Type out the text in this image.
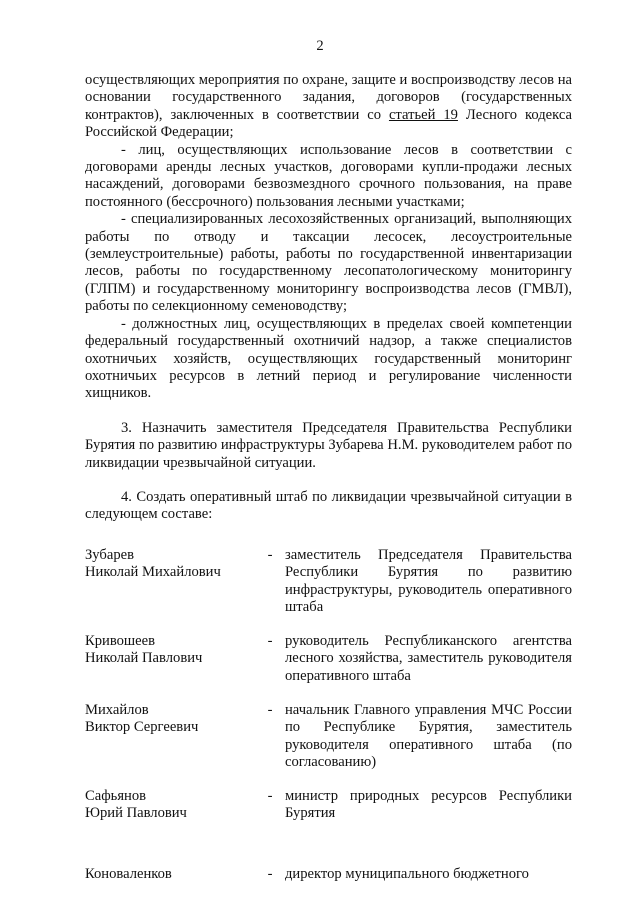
2

осуществляющих мероприятия по охране, защите и воспроизводству лесов на основании государственного задания, договоров (государственных контрактов), заключенных в соответствии со статьей 19 Лесного кодекса Российской Федерации;

- лиц, осуществляющих использование лесов в соответствии с договорами аренды лесных участков, договорами купли-продажи лесных насаждений, договорами безвозмездного срочного пользования, на праве постоянного (бессрочного) пользования лесными участками;

- специализированных лесохозяйственных организаций, выполняющих работы по отводу и таксации лесосек, лесоустроительные (землеустроительные) работы, работы по государственной инвентаризации лесов, работы по государственному лесопатологическому мониторингу (ГЛПМ) и государственному мониторингу воспроизводства лесов (ГМВЛ), работы по селекционному семеноводству;

- должностных лиц, осуществляющих в пределах своей компетенции федеральный государственный охотничий надзор, а также специалистов охотничьих хозяйств, осуществляющих государственный мониторинг охотничьих ресурсов в летний период и регулирование численности хищников.

3. Назначить заместителя Председателя Правительства Республики Бурятия по развитию инфраструктуры Зубарева Н.М. руководителем работ по ликвидации чрезвычайной ситуации.

4. Создать оперативный штаб по ликвидации чрезвычайной ситуации в следующем составе:

Зубарев
Николай Михайлович
- заместитель Председателя Правительства Республики Бурятия по развитию инфраструктуры, руководитель оперативного штаба
Кривошеев
Николай Павлович
- руководитель Республиканского агентства лесного хозяйства, заместитель руководителя оперативного штаба
Михайлов
Виктор Сергеевич
- начальник Главного управления МЧС России по Республике Бурятия, заместитель руководителя оперативного штаба (по согласованию)
Сафьянов
Юрий Павлович
- министр природных ресурсов Республики Бурятия
Коноваленков	- директор муниципального бюджетного
